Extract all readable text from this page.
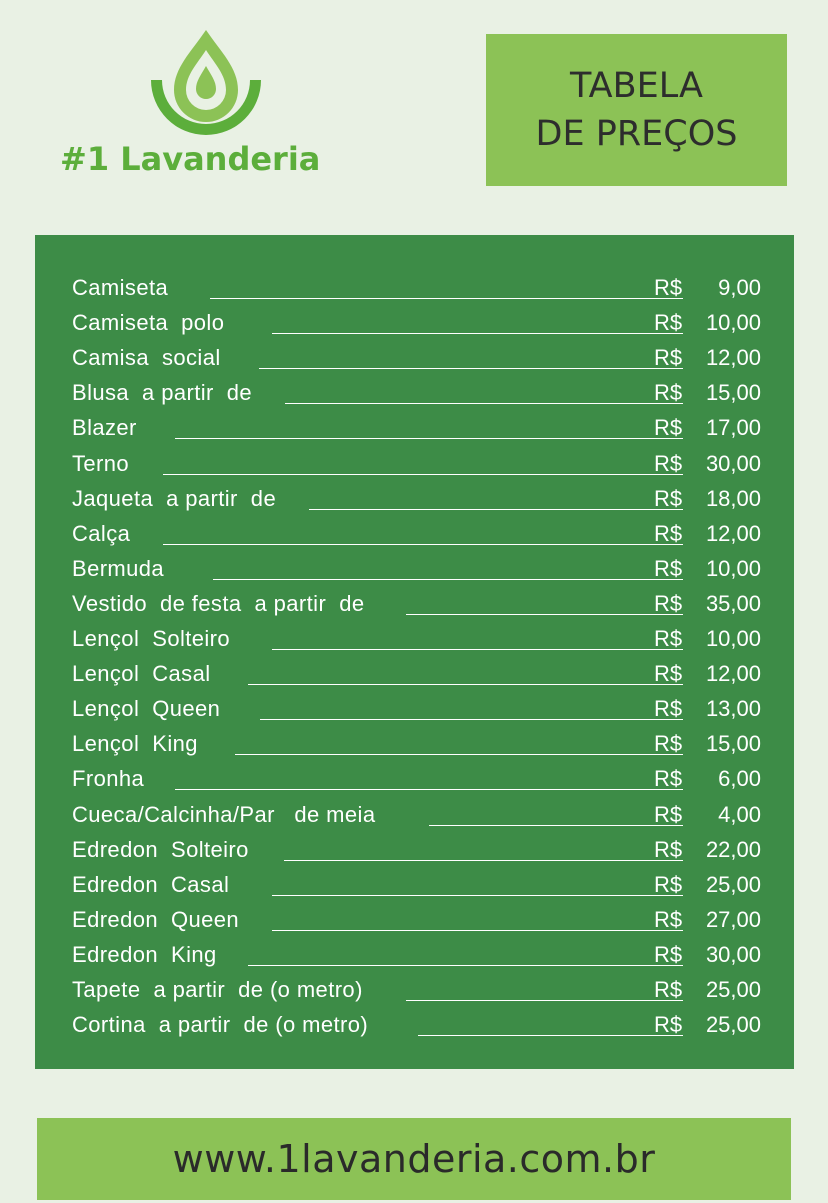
#1 Lavanderia
TABELA
DE PREÇOS
Camiseta	R$ 9,00
Camiseta  polo	R$ 10,00
Camisa  social	R$ 12,00
Blusa  a partir  de	R$ 15,00
Blazer	R$ 17,00
Terno	R$ 30,00
Jaqueta  a partir  de	R$ 18,00
Calça	R$ 12,00
Bermuda	R$ 10,00
Vestido  de festa  a partir  de	R$ 35,00
Lençol  Solteiro	R$ 10,00
Lençol  Casal	R$ 12,00
Lençol  Queen	R$ 13,00
Lençol  King	R$ 15,00
Fronha	R$ 6,00
Cueca/Calcinha/Par   de meia	R$ 4,00
Edredon  Solteiro	R$ 22,00
Edredon  Casal	R$ 25,00
Edredon  Queen	R$ 27,00
Edredon  King	R$ 30,00
Tapete  a partir  de (o metro)	R$ 25,00
Cortina  a partir  de (o metro)	R$ 25,00
www.1lavanderia.com.br
